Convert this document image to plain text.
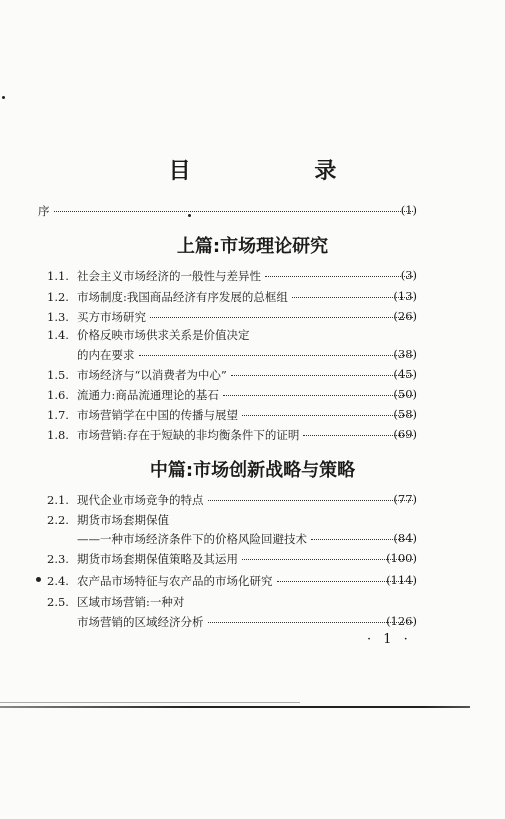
目 录
序	(1)
上篇:市场理论研究
1.1. 社会主义市场经济的一般性与差异性	(3)
1.2. 市场制度:我国商品经济有序发展的总框组	(13)
1.3. 买方市场研究	(26)
1.4. 价格反映市场供求关系是价值决定
的内在要求	(38)
1.5. 市场经济与“以消费者为中心”	(45)
1.6. 流通力:商品流通理论的基石	(50)
1.7. 市场营销学在中国的传播与展望	(58)
1.8. 市场营销:存在于短缺的非均衡条件下的证明	(69)
中篇:市场创新战略与策略
2.1. 现代企业市场竞争的特点	(77)
2.2. 期货市场套期保值
——一种市场经济条件下的价格风险回避技术	(84)
2.3. 期货市场套期保值策略及其运用	(100)
2.4. 农产品市场特征与农产品的市场化研究	(114)
2.5. 区域市场营销:一种对
市场营销的区域经济分析	(126)
· 1 ·
